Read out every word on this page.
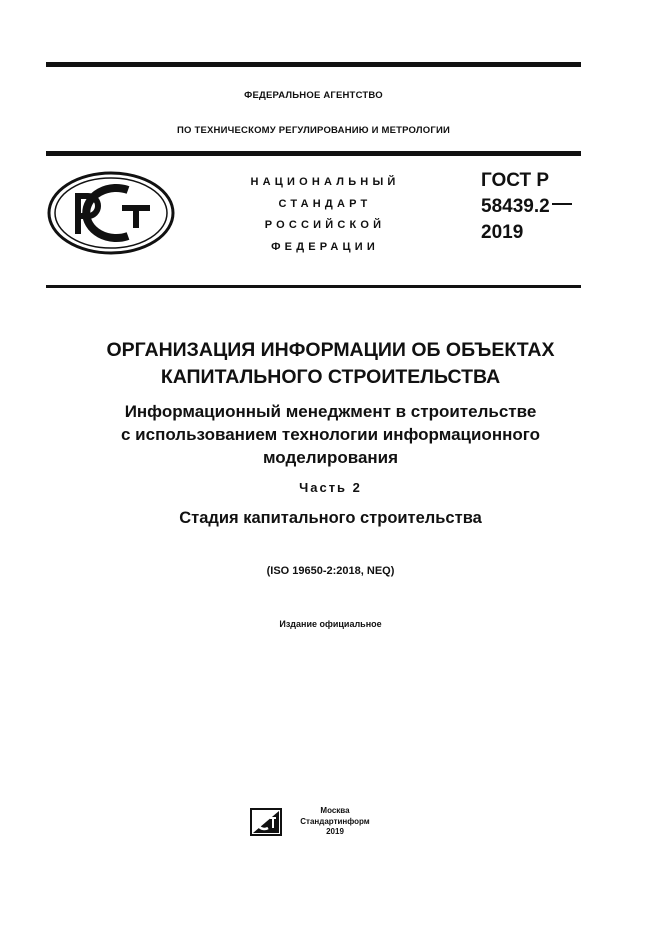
ФЕДЕРАЛЬНОЕ АГЕНТСТВО
ПО ТЕХНИЧЕСКОМУ РЕГУЛИРОВАНИЮ И МЕТРОЛОГИИ
НАЦИОНАЛЬНЫЙ
СТАНДАРТ
РОССИЙСКОЙ
ФЕДЕРАЦИИ
ГОСТ Р
58439.2
2019
ОРГАНИЗАЦИЯ ИНФОРМАЦИИ ОБ ОБЪЕКТАХ
КАПИТАЛЬНОГО СТРОИТЕЛЬСТВА
Информационный менеджмент в строительстве
с использованием технологии информационного
моделирования
Часть 2
Стадия капитального строительства
(ISO 19650-2:2018, NEQ)
Издание официальное
Москва
Стандартинформ
2019
